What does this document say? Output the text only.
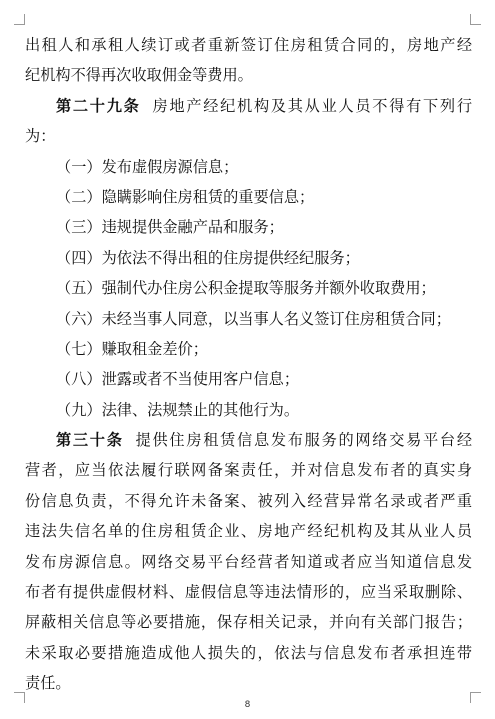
出租人和承租人续订或者重新签订住房租赁合同的，房地产经
纪机构不得再次收取佣金等费用。
第二十九条 房地产经纪机构及其从业人员不得有下列行
为：
（一）发布虚假房源信息；
（二）隐瞒影响住房租赁的重要信息；
（三）违规提供金融产品和服务；
（四）为依法不得出租的住房提供经纪服务；
（五）强制代办住房公积金提取等服务并额外收取费用；
（六）未经当事人同意，以当事人名义签订住房租赁合同；
（七）赚取租金差价；
（八）泄露或者不当使用客户信息；
（九）法律、法规禁止的其他行为。
第三十条 提供住房租赁信息发布服务的网络交易平台经
营者，应当依法履行联网备案责任，并对信息发布者的真实身
份信息负责，不得允许未备案、被列入经营异常名录或者严重
违法失信名单的住房租赁企业、房地产经纪机构及其从业人员
发布房源信息。网络交易平台经营者知道或者应当知道信息发
布者有提供虚假材料、虚假信息等违法情形的，应当采取删除、
屏蔽相关信息等必要措施，保存相关记录，并向有关部门报告；
未采取必要措施造成他人损失的，依法与信息发布者承担连带
责任。
8
